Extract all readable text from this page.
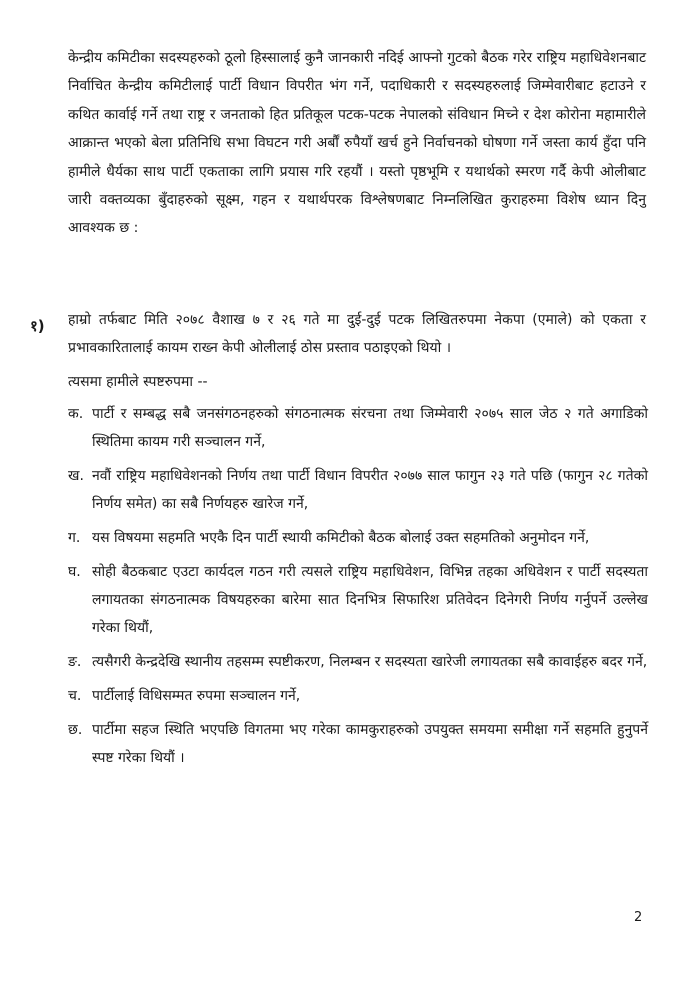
केन्द्रीय कमिटीका सदस्यहरुको ठूलो हिस्सालाई कुनै जानकारी नदिई आफ्नो गुटको बैठक गरेर राष्ट्रिय महाधिवेशनबाट निर्वाचित केन्द्रीय कमिटीलाई पार्टी विधान विपरीत भंग गर्ने, पदाधिकारी र सदस्यहरुलाई जिम्मेवारीबाट हटाउने र कथित कार्वाई गर्ने तथा राष्ट्र र जनताको हित प्रतिकूल पटक-पटक नेपालको संविधान मिच्ने र देश कोरोना महामारीले आक्रान्त भएको बेला प्रतिनिधि सभा विघटन गरी अर्बौं रुपैयाँ खर्च हुने निर्वाचनको घोषणा गर्ने जस्ता कार्य हुँदा पनि हामीले धैर्यका साथ पार्टी एकताका लागि प्रयास गरि रहयौं । यस्तो पृष्ठभूमि र यथार्थको स्मरण गर्दै केपी ओलीबाट जारी वक्तव्यका बुँदाहरुको सूक्ष्म, गहन र यथार्थपरक विश्लेषणबाट निम्नलिखित कुराहरुमा विशेष ध्यान दिनु आवश्यक छ :

१) हाम्रो तर्फबाट मिति २०७८ वैशाख ७ र २६ गते मा दुई-दुई पटक लिखितरुपमा नेकपा (एमाले) को एकता र प्रभावकारितालाई कायम राख्न केपी ओलीलाई ठोस प्रस्ताव पठाइएको थियो ।

त्यसमा हामीले स्पष्टरुपमा --

क. पार्टी र सम्बद्ध सबै जनसंगठनहरुको संगठनात्मक संरचना तथा जिम्मेवारी २०७५ साल जेठ २ गते अगाडिको स्थितिमा कायम गरी सञ्चालन गर्ने,
ख. नवौं राष्ट्रिय महाधिवेशनको निर्णय तथा पार्टी विधान विपरीत २०७७ साल फागुन २३ गते पछि (फागुन २८ गतेको निर्णय समेत) का सबै निर्णयहरु खारेज गर्ने,
ग. यस विषयमा सहमति भएकै दिन पार्टी स्थायी कमिटीको बैठक बोलाई उक्त सहमतिको अनुमोदन गर्ने,
घ. सोही बैठकबाट एउटा कार्यदल गठन गरी त्यसले राष्ट्रिय महाधिवेशन, विभिन्न तहका अधिवेशन र पार्टी सदस्यता लगायतका संगठनात्मक विषयहरुका बारेमा सात दिनभित्र सिफारिश प्रतिवेदन दिनेगरी निर्णय गर्नुपर्ने उल्लेख गरेका थियौं,
ङ. त्यसैगरी केन्द्रदेखि स्थानीय तहसम्म स्पष्टीकरण, निलम्बन र सदस्यता खारेजी लगायतका सबै कावाईहरु बदर गर्ने,
च. पार्टीलाई विधिसम्मत रुपमा सञ्चालन गर्ने,
छ. पार्टीमा सहज स्थिति भएपछि विगतमा भए गरेका कामकुराहरुको उपयुक्त समयमा समीक्षा गर्ने सहमति हुनुपर्ने स्पष्ट गरेका थियौं ।

2
